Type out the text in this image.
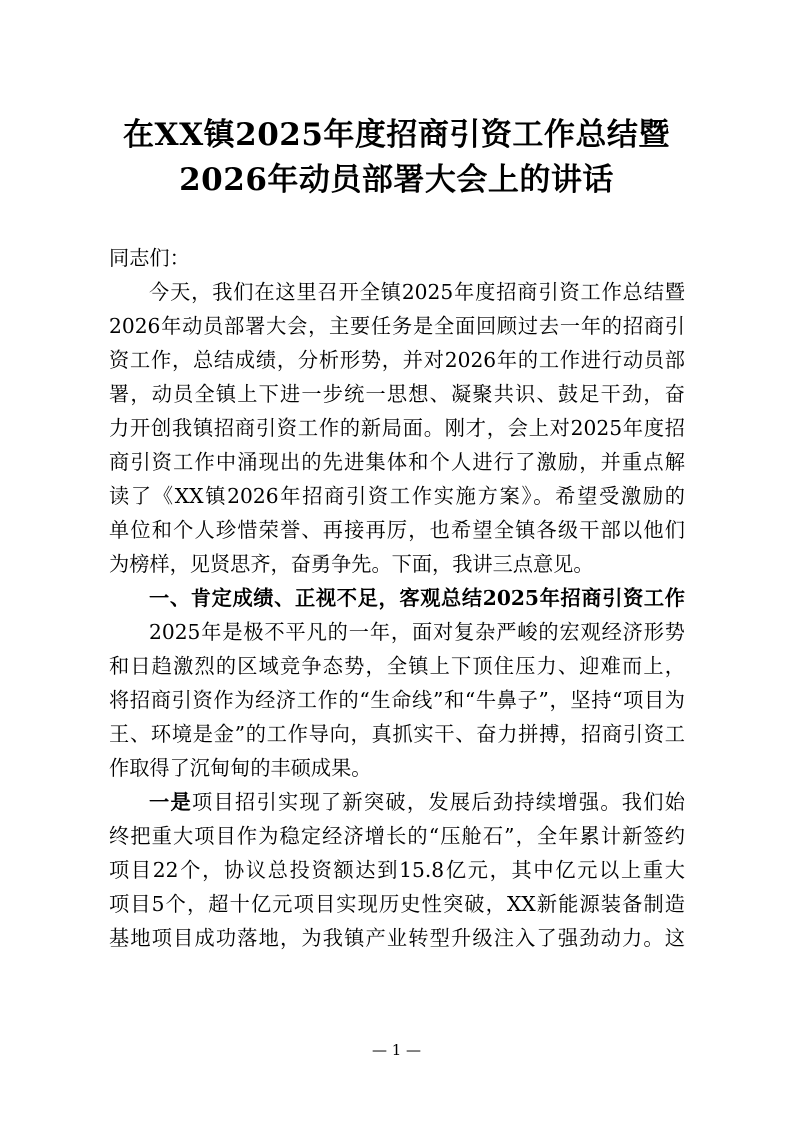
在XX镇2025年度招商引资工作总结暨
2026年动员部署大会上的讲话
同志们：
今天，我们在这里召开全镇2025年度招商引资工作总结暨
2026年动员部署大会，主要任务是全面回顾过去一年的招商引
资工作，总结成绩，分析形势，并对2026年的工作进行动员部
署，动员全镇上下进一步统一思想、凝聚共识、鼓足干劲，奋
力开创我镇招商引资工作的新局面。刚才，会上对2025年度招
商引资工作中涌现出的先进集体和个人进行了激励，并重点解
读了《XX镇2026年招商引资工作实施方案》。希望受激励的
单位和个人珍惜荣誉、再接再厉，也希望全镇各级干部以他们
为榜样，见贤思齐，奋勇争先。下面，我讲三点意见。
一、肯定成绩、正视不足，客观总结2025年招商引资工作
2025年是极不平凡的一年，面对复杂严峻的宏观经济形势
和日趋激烈的区域竞争态势，全镇上下顶住压力、迎难而上，
将招商引资作为经济工作的“生命线”和“牛鼻子”，坚持“项目为
王、环境是金”的工作导向，真抓实干、奋力拼搏，招商引资工
作取得了沉甸甸的丰硕成果。
一是项目招引实现了新突破，发展后劲持续增强。我们始
终把重大项目作为稳定经济增长的“压舱石”，全年累计新签约
项目22个，协议总投资额达到15.8亿元，其中亿元以上重大
项目5个，超十亿元项目实现历史性突破，XX新能源装备制造
基地项目成功落地，为我镇产业转型升级注入了强劲动力。这
— 1 —
